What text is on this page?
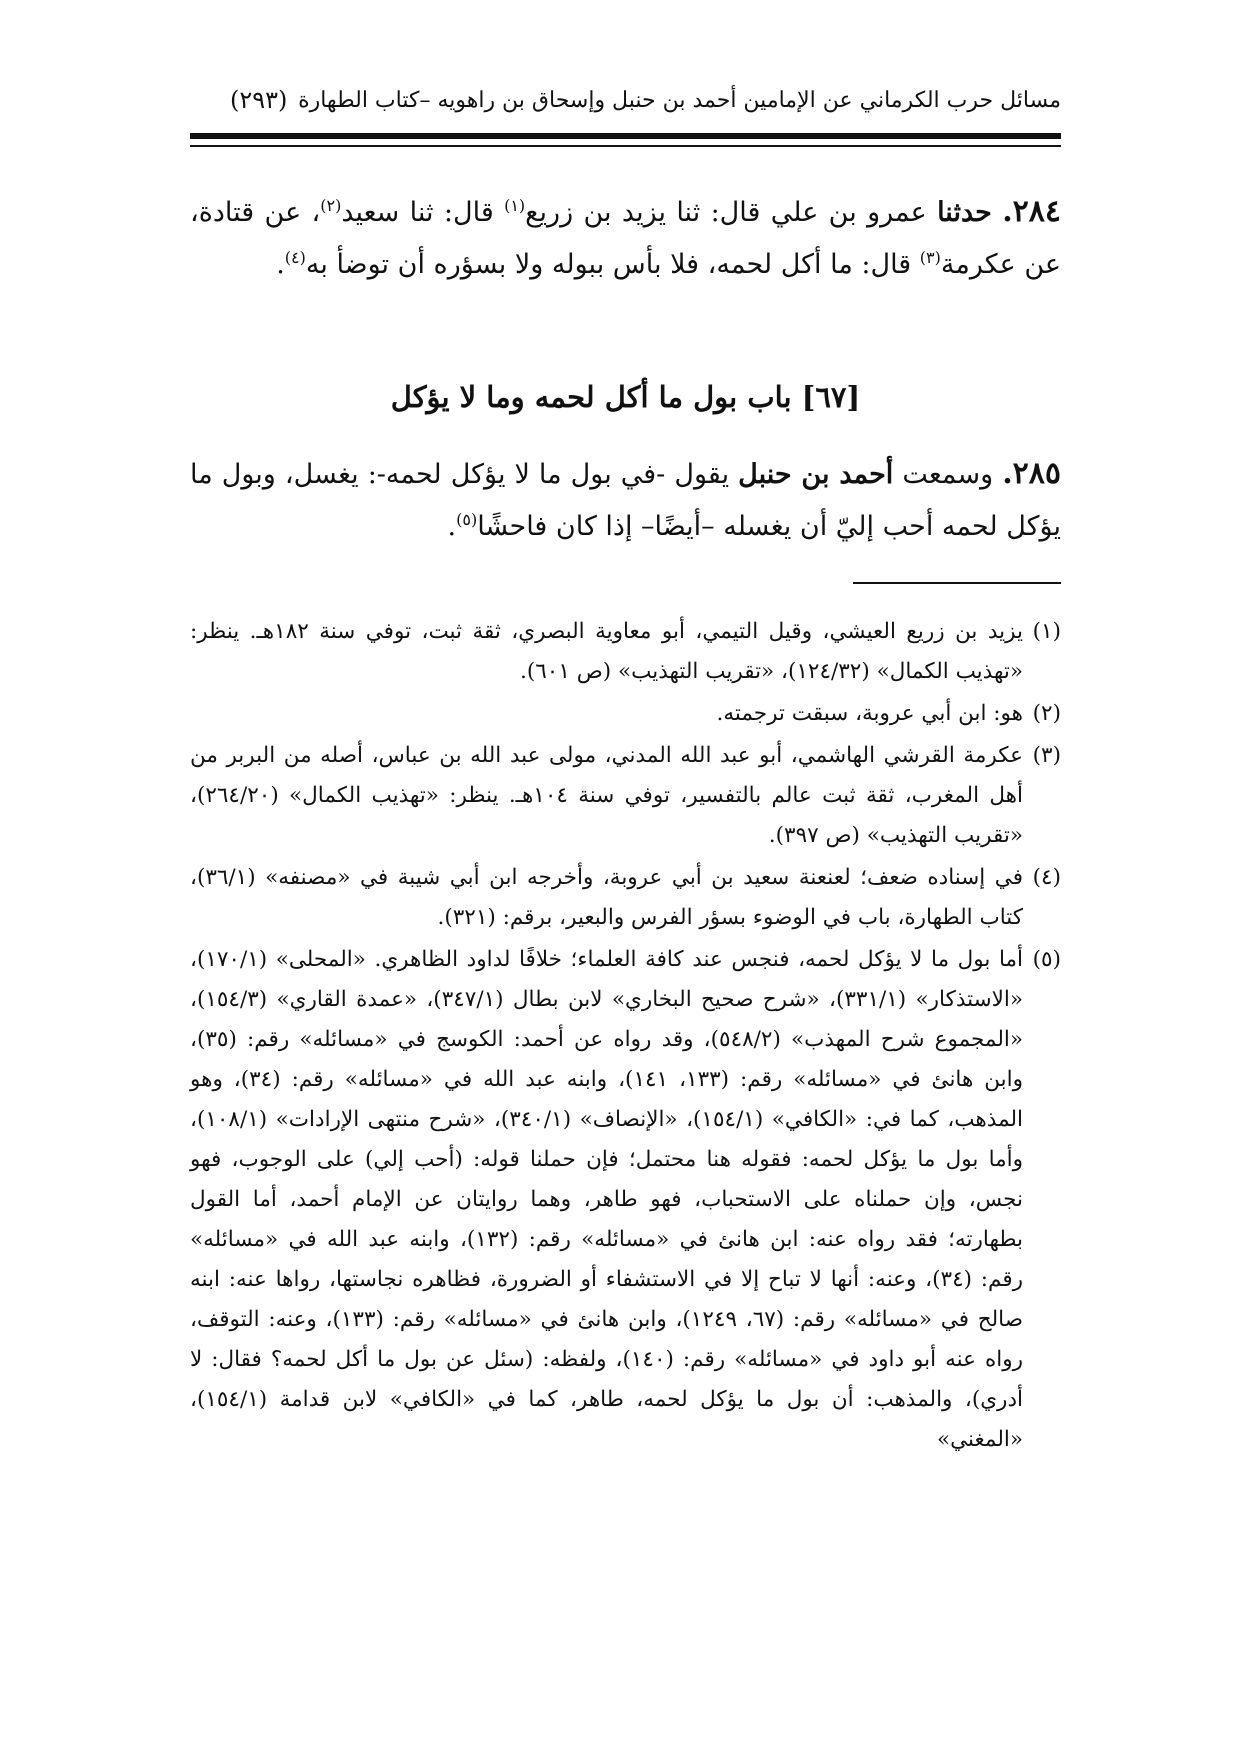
مسائل حرب الكرماني عن الإمامين أحمد بن حنبل وإسحاق بن راهويه –كتاب الطهارة
(٢٩٣)
٢٨٤. حدثنا عمرو بن علي قال: ثنا يزيد بن زريع$^{(١)}$ قال: ثنا سعيد$^{(٢)}$، عن قتادة، عن عكرمة$^{(٣)}$ قال: ما أكل لحمه، فلا بأس ببوله ولا بسؤره أن توضأ به$^{(٤)}$.
[٦٧] باب بول ما أكل لحمه وما لا يؤكل
٢٨٥. وسمعت أحمد بن حنبل يقول -في بول ما لا يؤكل لحمه-: يغسل، وبول ما يؤكل لحمه أحب إليّ أن يغسله –أيضًا– إذا كان فاحشًا$^{(٥)}$.
(١)
يزيد بن زريع العيشي، وقيل التيمي، أبو معاوية البصري، ثقة ثبت، توفي سنة ١٨٢هـ. ينظر: «تهذيب الكمال» (١٢٤/٣٢)، «تقريب التهذيب» (ص ٦٠١).
(٢)
هو: ابن أبي عروبة، سبقت ترجمته.
(٣)
عكرمة القرشي الهاشمي، أبو عبد الله المدني، مولى عبد الله بن عباس، أصله من البربر من أهل المغرب، ثقة ثبت عالم بالتفسير، توفي سنة ١٠٤هـ. ينظر: «تهذيب الكمال» (٢٦٤/٢٠)، «تقريب التهذيب» (ص ٣٩٧).
(٤)
في إسناده ضعف؛ لعنعنة سعيد بن أبي عروبة، وأخرجه ابن أبي شيبة في «مصنفه» (٣٦/١)، كتاب الطهارة، باب في الوضوء بسؤر الفرس والبعير، برقم: (٣٢١).
(٥)
أما بول ما لا يؤكل لحمه، فنجس عند كافة العلماء؛ خلافًا لداود الظاهري. «المحلى» (١٧٠/١)، «الاستذكار» (٣٣١/١)، «شرح صحيح البخاري» لابن بطال (٣٤٧/١)، «عمدة القاري» (١٥٤/٣)، «المجموع شرح المهذب» (٥٤٨/٢)، وقد رواه عن أحمد: الكوسج في «مسائله» رقم: (٣٥)، وابن هانئ في «مسائله» رقم: (١٣٣، ١٤١)، وابنه عبد الله في «مسائله» رقم: (٣٤)، وهو المذهب، كما في: «الكافي» (١٥٤/١)، «الإنصاف» (٣٤٠/١)، «شرح منتهى الإرادات» (١٠٨/١)، وأما بول ما يؤكل لحمه: فقوله هنا محتمل؛ فإن حملنا قوله: (أحب إلي) على الوجوب، فهو نجس، وإن حملناه على الاستحباب، فهو طاهر، وهما روايتان عن الإمام أحمد، أما القول بطهارته؛ فقد رواه عنه: ابن هانئ في «مسائله» رقم: (١٣٢)، وابنه عبد الله في «مسائله» رقم: (٣٤)، وعنه: أنها لا تباح إلا في الاستشفاء أو الضرورة، فظاهره نجاستها، رواها عنه: ابنه صالح في «مسائله» رقم: (٦٧، ١٢٤٩)، وابن هانئ في «مسائله» رقم: (١٣٣)، وعنه: التوقف، رواه عنه أبو داود في «مسائله» رقم: (١٤٠)، ولفظه: (سئل عن بول ما أكل لحمه؟ فقال: لا أدري)، والمذهب: أن بول ما يؤكل لحمه، طاهر، كما في «الكافي» لابن قدامة (١٥٤/١)، «المغني»
